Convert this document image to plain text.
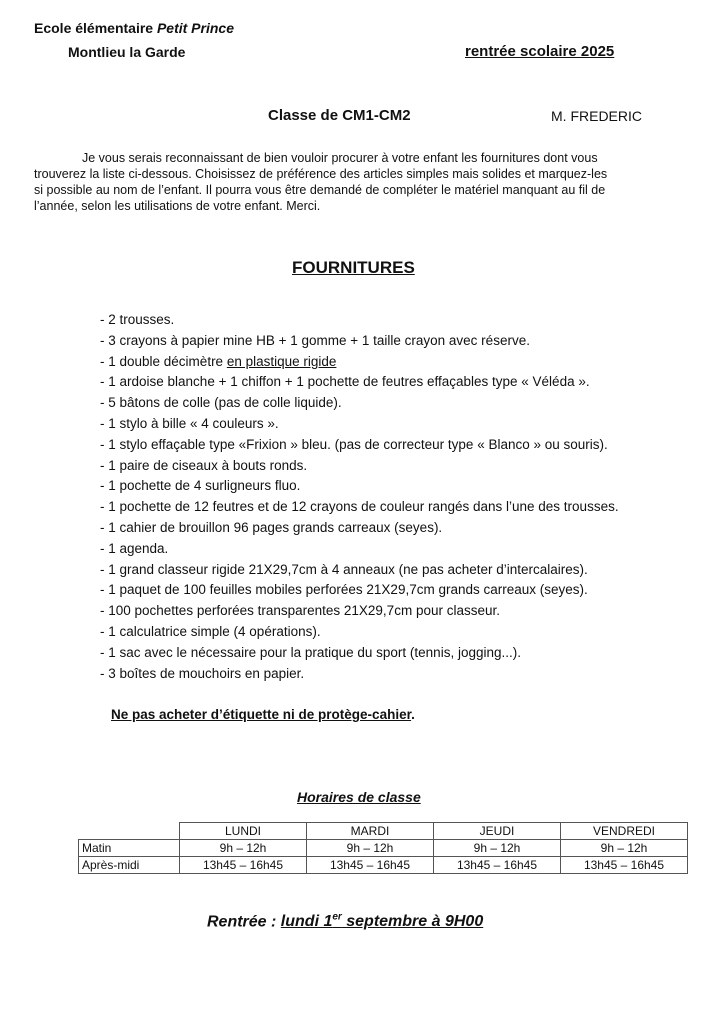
Ecole élémentaire Petit Prince
Montlieu la Garde	rentrée scolaire 2025
Classe de CM1-CM2	M. FREDERIC

Je vous serais reconnaissant de bien vouloir procurer à votre enfant les fournitures dont vous

trouverez la liste ci-dessous. Choisissez de préférence des articles simples mais solides et marquez-les

si possible au nom de l’enfant. Il pourra vous être demandé de compléter le matériel manquant au fil de

l’année, selon les utilisations de votre enfant. Merci.

FOURNITURES
- 2 trousses.
- 3 crayons à papier mine HB + 1 gomme + 1 taille crayon avec réserve.
- 1 double décimètre en plastique rigide
- 1 ardoise blanche + 1 chiffon + 1 pochette de feutres effaçables type « Véléda ».
- 5 bâtons de colle (pas de colle liquide).
- 1 stylo à bille « 4 couleurs ».
- 1 stylo effaçable type «Frixion » bleu. (pas de correcteur type « Blanco » ou souris).
- 1 paire de ciseaux à bouts ronds.
- 1 pochette de 4 surligneurs fluo.
- 1 pochette de 12 feutres et de 12 crayons de couleur rangés dans l’une des trousses.
- 1 cahier de brouillon 96 pages grands carreaux (seyes).
- 1 agenda.
- 1 grand classeur rigide 21X29,7cm à 4 anneaux (ne pas acheter d’intercalaires).
- 1 paquet de 100 feuilles mobiles perforées 21X29,7cm grands carreaux (seyes).
- 100 pochettes perforées transparentes 21X29,7cm pour classeur.
- 1 calculatrice simple (4 opérations).
- 1 sac avec le nécessaire pour la pratique du sport (tennis, jogging...).
- 3 boîtes de mouchoirs en papier.
Ne pas acheter d’étiquette ni de protège-cahier.
Horaires de classe
	LUNDI	MARDI	JEUDI	VENDREDI
Matin	9h – 12h	9h – 12h	9h – 12h	9h – 12h
Après-midi	13h45 – 16h45	13h45 – 16h45	13h45 – 16h45	13h45 – 16h45
Rentrée : lundi 1er septembre à 9H00
